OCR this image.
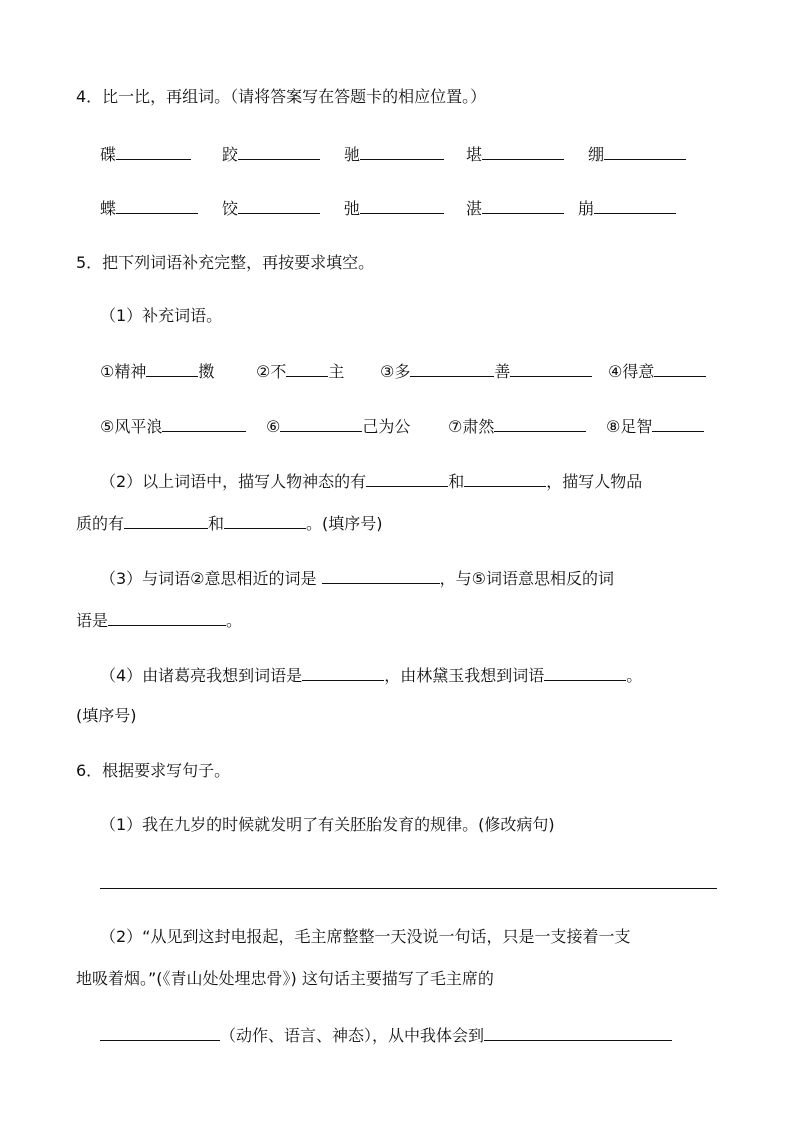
4．比一比，再组词。（请将答案写在答题卡的相应位置。）
碟	跤	驰	堪	绷
蝶	饺	弛	湛	崩
5．把下列词语补充完整，再按要求填空。
（1）补充词语。
①精神	擞	②不	主 ③多	善	④得意
⑤风平浪	⑥	己为公 ⑦肃然	⑧足智
（2）以上词语中，描写人物神态的有	和	，描写人物品
质的有	和	。(填序号)
（3）与词语②意思相近的词是	，与⑤词语意思相反的词
语是	。
（4）由诸葛亮我想到词语是	，由林黛玉我想到词语	。
(填序号)
6．根据要求写句子。
（1）我在九岁的时候就发明了有关胚胎发育的规律。(修改病句)
（2）“从见到这封电报起，毛主席整整一天没说一句话，只是一支接着一支
地吸着烟。”(《青山处处埋忠骨》) 这句话主要描写了毛主席的
（动作、语言、神态），从中我体会到
